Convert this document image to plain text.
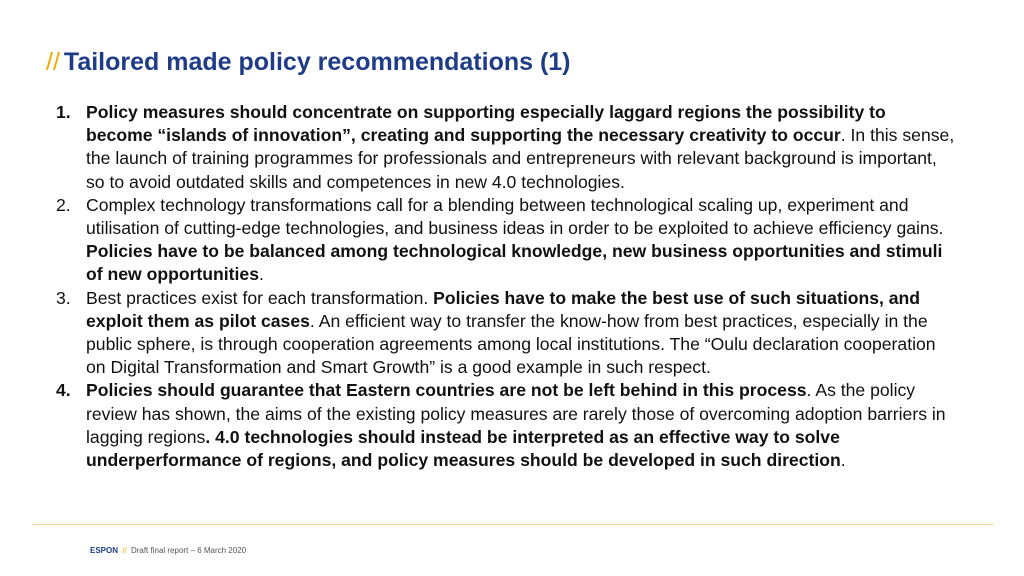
// Tailored made policy recommendations (1)
1. Policy measures should concentrate on supporting especially laggard regions the possibility to become “islands of innovation”, creating and supporting the necessary creativity to occur. In this sense, the launch of training programmes for professionals and entrepreneurs with relevant background is important, so to avoid outdated skills and competences in new 4.0 technologies.
2. Complex technology transformations call for a blending between technological scaling up, experiment and utilisation of cutting-edge technologies, and business ideas in order to be exploited to achieve efficiency gains. Policies have to be balanced among technological knowledge, new business opportunities and stimuli of new opportunities.
3. Best practices exist for each transformation. Policies have to make the best use of such situations, and exploit them as pilot cases. An efficient way to transfer the know-how from best practices, especially in the public sphere, is through cooperation agreements among local institutions. The “Oulu declaration cooperation on Digital Transformation and Smart Growth” is a good example in such respect.
4. Policies should guarantee that Eastern countries are not be left behind in this process. As the policy review has shown, the aims of the existing policy measures are rarely those of overcoming adoption barriers in lagging regions. 4.0 technologies should instead be interpreted as an effective way to solve underperformance of regions, and policy measures should be developed in such direction.
ESPON // Draft final report – 6 March 2020
